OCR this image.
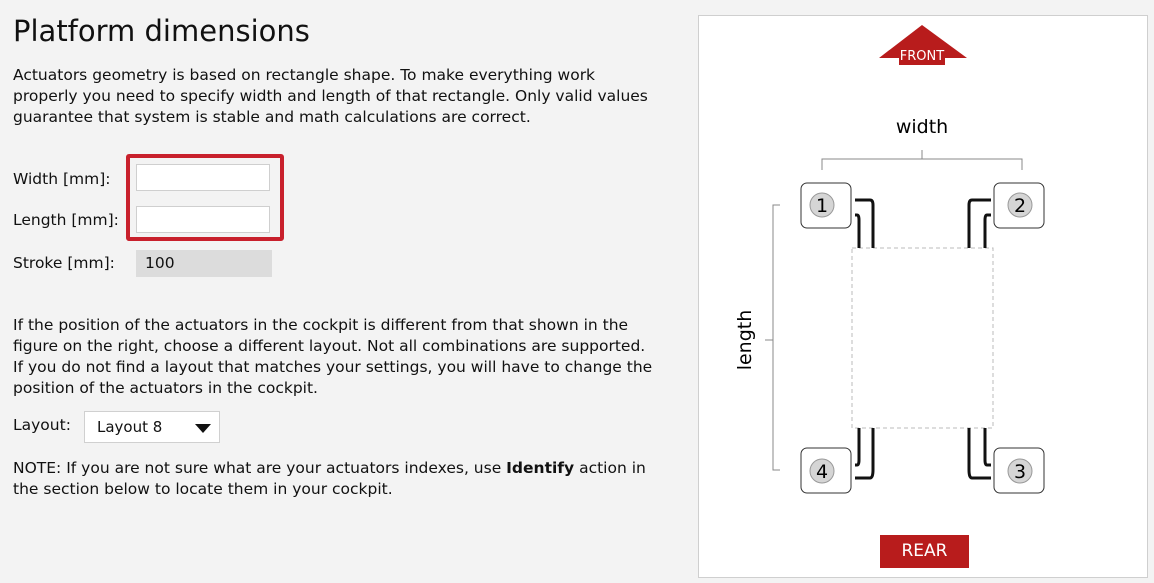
Platform dimensions
Actuators geometry is based on rectangle shape. To make everything work properly you need to specify width and length of that rectangle. Only valid values guarantee that system is stable and math calculations are correct.
Width [mm]:
Length [mm]:
Stroke [mm]:	100
If the position of the actuators in the cockpit is different from that shown in the figure on the right, choose a different layout. Not all combinations are supported. If you do not find a layout that matches your settings, you will have to change the position of the actuators in the cockpit.
Layout:	Layout 8
NOTE: If you are not sure what are your actuators indexes, use Identify action in the section below to locate them in your cockpit.
FRONT
width
length
1	2
3
4
REAR
